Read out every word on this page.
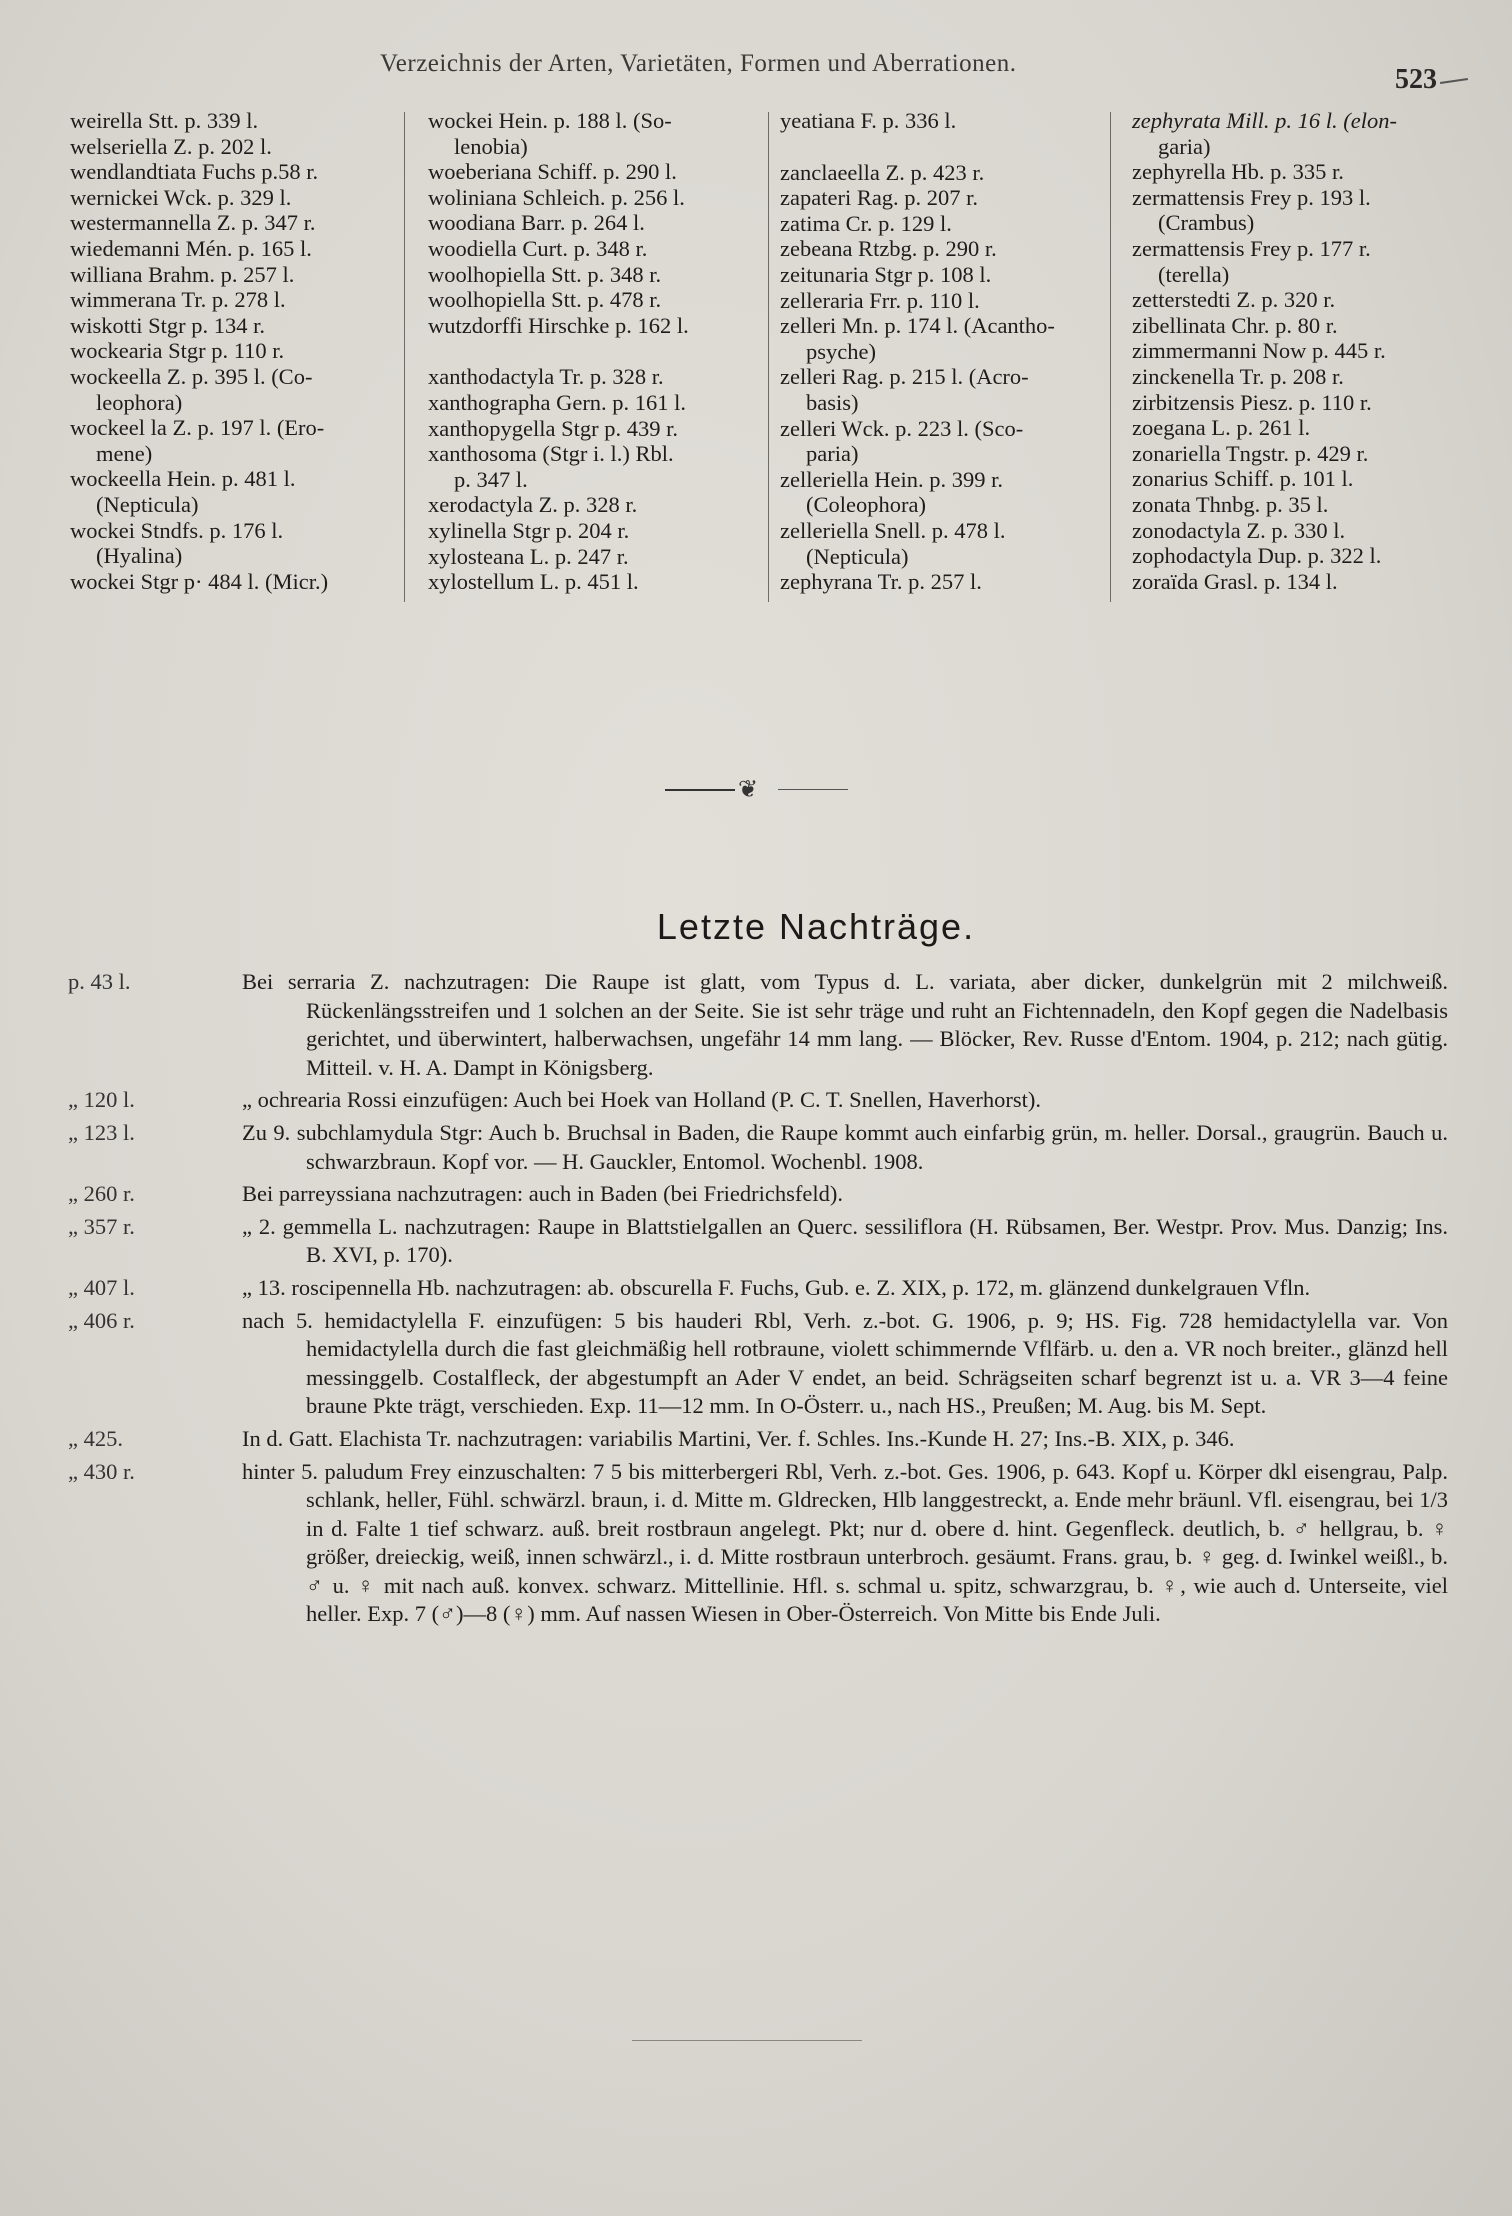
Verzeichnis der Arten, Varietäten, Formen und Aberrationen.
523
weirella Stt. p. 339 l.
welseriella Z. p. 202 l.
wendlandtiata Fuchs p.58 r.
wernickei Wck. p. 329 l.
westermannella Z. p. 347 r.
wiedemanni Mén. p. 165 l.
williana Brahm. p. 257 l.
wimmerana Tr. p. 278 l.
wiskotti Stgr p. 134 r.
wockearia Stgr p. 110 r.
wockeella Z. p. 395 l. (Co-
leophora)
wockeel la Z. p. 197 l. (Ero-
mene)
wockeella Hein. p. 481 l.
(Nepticula)
wockei Stndfs. p. 176 l.
(Hyalina)
wockei Stgr p· 484 l. (Micr.)
wockei Hein. p. 188 l. (So-
lenobia)
woeberiana Schiff. p. 290 l.
woliniana Schleich. p. 256 l.
woodiana Barr. p. 264 l.
woodiella Curt. p. 348 r.
woolhopiella Stt. p. 348 r.
woolhopiella Stt. p. 478 r.
wutzdorffi Hirschke p. 162 l.
xanthodactyla Tr. p. 328 r.
xanthographa Gern. p. 161 l.
xanthopygella Stgr p. 439 r.
xanthosoma (Stgr i. l.) Rbl.
p. 347 l.
xerodactyla Z. p. 328 r.
xylinella Stgr p. 204 r.
xylosteana L. p. 247 r.
xylostellum L. p. 451 l.
yeatiana F. p. 336 l.
zanclaeella Z. p. 423 r.
zapateri Rag. p. 207 r.
zatima Cr. p. 129 l.
zebeana Rtzbg. p. 290 r.
zeitunaria Stgr p. 108 l.
zelleraria Frr. p. 110 l.
zelleri Mn. p. 174 l. (Acantho-
psyche)
zelleri Rag. p. 215 l. (Acro-
basis)
zelleri Wck. p. 223 l. (Sco-
paria)
zelleriella Hein. p. 399 r.
(Coleophora)
zelleriella Snell. p. 478 l.
(Nepticula)
zephyrana Tr. p. 257 l.
zephyrata Mill. p. 16 l. (elon-
garia)
zephyrella Hb. p. 335 r.
zermattensis Frey p. 193 l.
(Crambus)
zermattensis Frey p. 177 r.
(terella)
zetterstedti Z. p. 320 r.
zibellinata Chr. p. 80 r.
zimmermanni Now p. 445 r.
zinckenella Tr. p. 208 r.
zirbitzensis Piesz. p. 110 r.
zoegana L. p. 261 l.
zonariella Tngstr. p. 429 r.
zonarius Schiff. p. 101 l.
zonata Thnbg. p. 35 l.
zonodactyla Z. p. 330 l.
zophodactyla Dup. p. 322 l.
zoraïda Grasl. p. 134 l.
❦
Letzte Nachträge.
p. 43 l.	Bei serraria Z. nachzutragen: Die Raupe ist glatt, vom Typus d. L. variata, aber dicker, dunkelgrün mit 2 milchweiß. Rückenlängsstreifen und 1 solchen an der Seite. Sie ist sehr träge und ruht an Fichtennadeln, den Kopf gegen die Nadelbasis gerichtet, und überwintert, halberwachsen, ungefähr 14 mm lang. — Blöcker, Rev. Russe d'Entom. 1904, p. 212; nach gütig. Mitteil. v. H. A. Dampt in Königsberg.
„ 120 l.	„ ochrearia Rossi einzufügen: Auch bei Hoek van Holland (P. C. T. Snellen, Haverhorst).
„ 123 l.	Zu 9. subchlamydula Stgr: Auch b. Bruchsal in Baden, die Raupe kommt auch einfarbig grün, m. heller. Dorsal., graugrün. Bauch u. schwarzbraun. Kopf vor. — H. Gauckler, Entomol. Wochenbl. 1908.
„ 260 r.	Bei parreyssiana nachzutragen: auch in Baden (bei Friedrichsfeld).
„ 357 r.	„ 2. gemmella L. nachzutragen: Raupe in Blattstielgallen an Querc. sessiliflora (H. Rübsamen, Ber. Westpr. Prov. Mus. Danzig; Ins. B. XVI, p. 170).
„ 407 l.	„ 13. roscipennella Hb. nachzutragen: ab. obscurella F. Fuchs, Gub. e. Z. XIX, p. 172, m. glänzend dunkelgrauen Vfln.
„ 406 r.	nach 5. hemidactylella F. einzufügen: 5 bis hauderi Rbl, Verh. z.-bot. G. 1906, p. 9; HS. Fig. 728 hemidactylella var. Von hemidactylella durch die fast gleichmäßig hell rotbraune, violett schimmernde Vflfärb. u. den a. VR noch breiter., glänzd hell messinggelb. Costalfleck, der abgestumpft an Ader V endet, an beid. Schrägseiten scharf begrenzt ist u. a. VR 3—4 feine braune Pkte trägt, verschieden. Exp. 11—12 mm. In O-Österr. u., nach HS., Preußen; M. Aug. bis M. Sept.
„ 425.	In d. Gatt. Elachista Tr. nachzutragen: variabilis Martini, Ver. f. Schles. Ins.-Kunde H. 27; Ins.-B. XIX, p. 346.
„ 430 r.	hinter 5. paludum Frey einzuschalten: 7 5 bis mitterbergeri Rbl, Verh. z.-bot. Ges. 1906, p. 643. Kopf u. Körper dkl eisengrau, Palp. schlank, heller, Fühl. schwärzl. braun, i. d. Mitte m. Gldrecken, Hlb langgestreckt, a. Ende mehr bräunl. Vfl. eisengrau, bei 1/3 in d. Falte 1 tief schwarz. auß. breit rostbraun angelegt. Pkt; nur d. obere d. hint. Gegenfleck. deutlich, b. ♂ hellgrau, b. ♀ größer, dreieckig, weiß, innen schwärzl., i. d. Mitte rostbraun unterbroch. gesäumt. Frans. grau, b. ♀ geg. d. Iwinkel weißl., b. ♂ u. ♀ mit nach auß. konvex. schwarz. Mittellinie. Hfl. s. schmal u. spitz, schwarzgrau, b. ♀, wie auch d. Unterseite, viel heller. Exp. 7 (♂)—8 (♀) mm. Auf nassen Wiesen in Ober-Österreich. Von Mitte bis Ende Juli.
